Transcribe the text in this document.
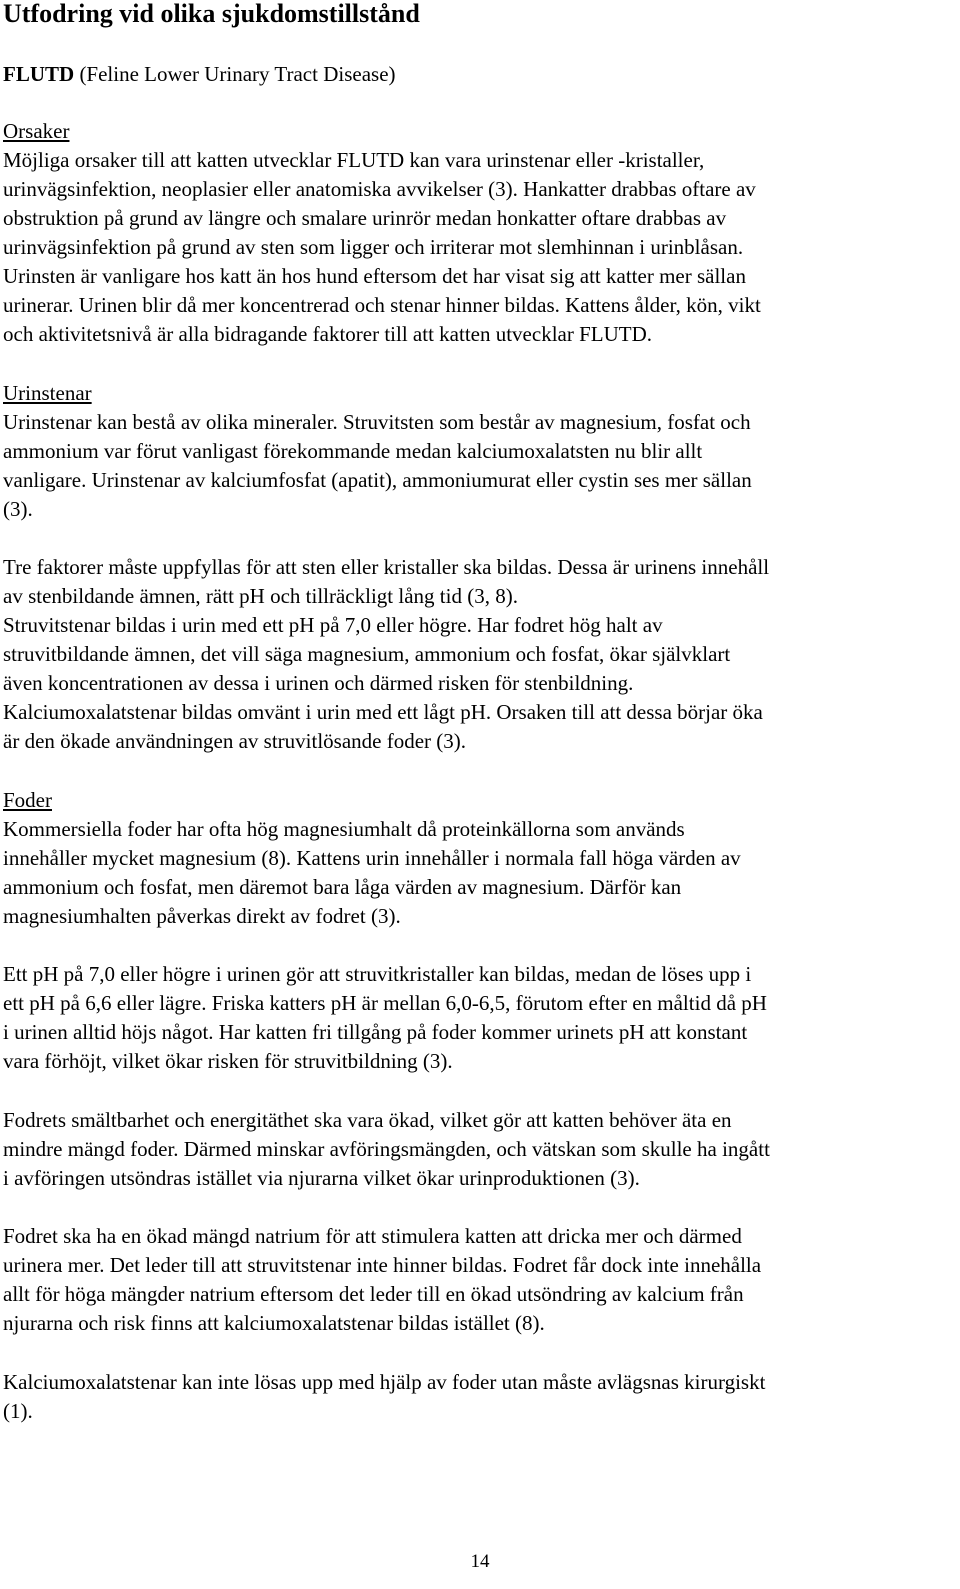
Utfodring vid olika sjukdomstillstånd
FLUTD (Feline Lower Urinary Tract Disease)
Orsaker
Möjliga orsaker till att katten utvecklar FLUTD kan vara urinstenar eller -kristaller,
urinvägsinfektion, neoplasier eller anatomiska avvikelser (3). Hankatter drabbas oftare av
obstruktion på grund av längre och smalare urinrör medan honkatter oftare drabbas av
urinvägsinfektion på grund av sten som ligger och irriterar mot slemhinnan i urinblåsan.
Urinsten är vanligare hos katt än hos hund eftersom det har visat sig att katter mer sällan
urinerar. Urinen blir då mer koncentrerad och stenar hinner bildas. Kattens ålder, kön, vikt
och aktivitetsnivå är alla bidragande faktorer till att katten utvecklar FLUTD.
Urinstenar
Urinstenar kan bestå av olika mineraler. Struvitsten som består av magnesium, fosfat och
ammonium var förut vanligast förekommande medan kalciumoxalatsten nu blir allt
vanligare. Urinstenar av kalciumfosfat (apatit), ammoniumurat eller cystin ses mer sällan
(3).
Tre faktorer måste uppfyllas för att sten eller kristaller ska bildas. Dessa är urinens innehåll
av stenbildande ämnen, rätt pH och tillräckligt lång tid (3, 8).
Struvitstenar bildas i urin med ett pH på 7,0 eller högre. Har fodret hög halt av
struvitbildande ämnen, det vill säga magnesium, ammonium och fosfat, ökar självklart
även koncentrationen av dessa i urinen och därmed risken för stenbildning.
Kalciumoxalatstenar bildas omvänt i urin med ett lågt pH. Orsaken till att dessa börjar öka
är den ökade användningen av struvitlösande foder (3).
Foder
Kommersiella foder har ofta hög magnesiumhalt då proteinkällorna som används
innehåller mycket magnesium (8). Kattens urin innehåller i normala fall höga värden av
ammonium och fosfat, men däremot bara låga värden av magnesium. Därför kan
magnesiumhalten påverkas direkt av fodret (3).
Ett pH på 7,0 eller högre i urinen gör att struvitkristaller kan bildas, medan de löses upp i
ett pH på 6,6 eller lägre. Friska katters pH är mellan 6,0-6,5, förutom efter en måltid då pH
i urinen alltid höjs något. Har katten fri tillgång på foder kommer urinets pH att konstant
vara förhöjt, vilket ökar risken för struvitbildning (3).
Fodrets smältbarhet och energitäthet ska vara ökad, vilket gör att katten behöver äta en
mindre mängd foder. Därmed minskar avföringsmängden, och vätskan som skulle ha ingått
i avföringen utsöndras istället via njurarna vilket ökar urinproduktionen (3).
Fodret ska ha en ökad mängd natrium för att stimulera katten att dricka mer och därmed
urinera mer. Det leder till att struvitstenar inte hinner bildas. Fodret får dock inte innehålla
allt för höga mängder natrium eftersom det leder till en ökad utsöndring av kalcium från
njurarna och risk finns att kalciumoxalatstenar bildas istället (8).
Kalciumoxalatstenar kan inte lösas upp med hjälp av foder utan måste avlägsnas kirurgiskt
(1).
14
